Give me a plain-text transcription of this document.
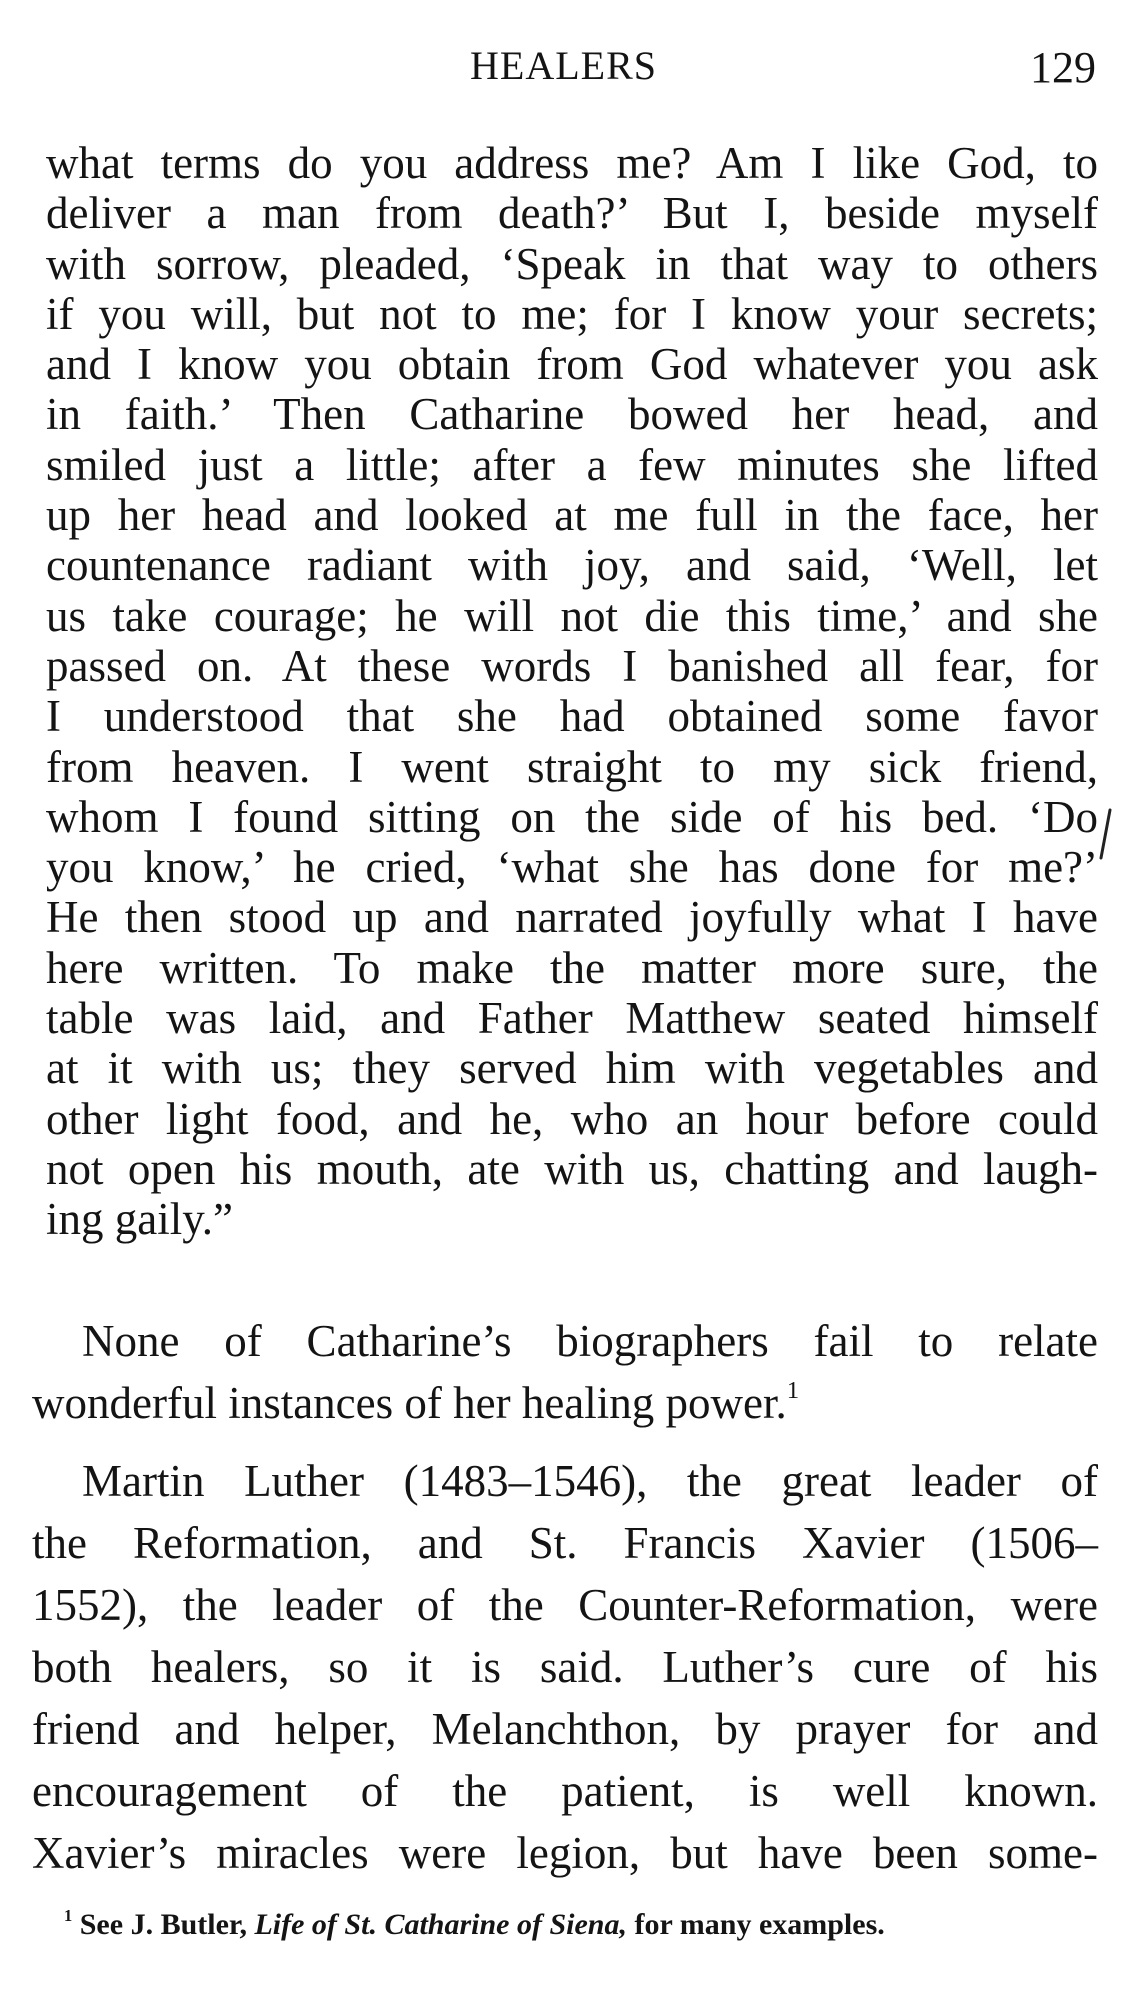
HEALERS	129
what terms do you address me? Am I like God, to
deliver a man from death?’ But I, beside myself
with sorrow, pleaded, ‘Speak in that way to others
if you will, but not to me; for I know your secrets;
and I know you obtain from God whatever you ask
in faith.’ Then Catharine bowed her head, and
smiled just a little; after a few minutes she lifted
up her head and looked at me full in the face, her
countenance radiant with joy, and said, ‘Well, let
us take courage; he will not die this time,’ and she
passed on. At these words I banished all fear, for
I understood that she had obtained some favor
from heaven. I went straight to my sick friend,
whom I found sitting on the side of his bed. ‘Do
you know,’ he cried, ‘what she has done for me?’
He then stood up and narrated joyfully what I have
here written. To make the matter more sure, the
table was laid, and Father Matthew seated himself
at it with us; they served him with vegetables and
other light food, and he, who an hour before could
not open his mouth, ate with us, chatting and laugh-
ing gaily.”
None of Catharine’s biographers fail to relate
wonderful instances of her healing power.$^1$
Martin Luther (1483–1546), the great leader of
the Reformation, and St. Francis Xavier (1506–
1552), the leader of the Counter-Reformation, were
both healers, so it is said. Luther’s cure of his
friend and helper, Melanchthon, by prayer for and
encouragement of the patient, is well known.
Xavier’s miracles were legion, but have been some-
$^1$ See J. Butler, Life of St. Catharine of Siena, for many examples.
